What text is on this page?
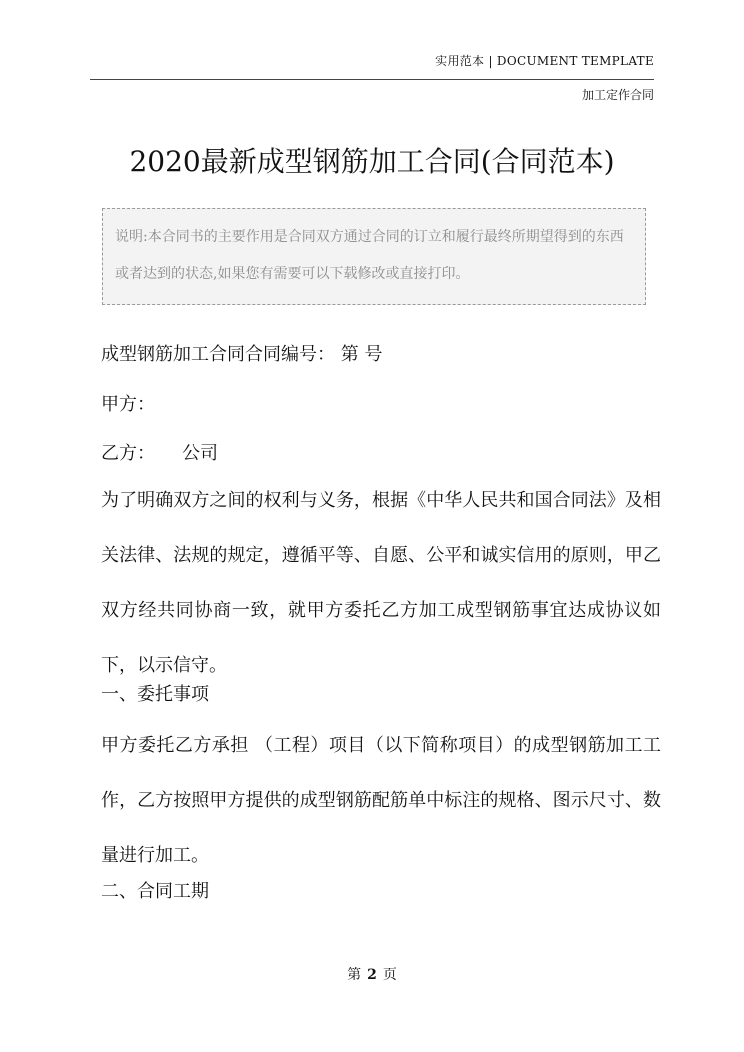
实用范本 | DOCUMENT TEMPLATE
加工定作合同
2020最新成型钢筋加工合同(合同范本)
说明:本合同书的主要作用是合同双方通过合同的订立和履行最终所期望得到的东西或者达到的状态,如果您有需要可以下载修改或直接打印。

成型钢筋加工合同合同编号： 第 号

甲方：

乙方：　　公司

为了明确双方之间的权利与义务，根据《中华人民共和国合同法》及相关法律、法规的规定，遵循平等、自愿、公平和诚实信用的原则，甲乙双方经共同协商一致，就甲方委托乙方加工成型钢筋事宜达成协议如下，以示信守。

一、委托事项

甲方委托乙方承担 （工程）项目（以下简称项目）的成型钢筋加工工作，乙方按照甲方提供的成型钢筋配筋单中标注的规格、图示尺寸、数量进行加工。

二、合同工期

第 2 页
